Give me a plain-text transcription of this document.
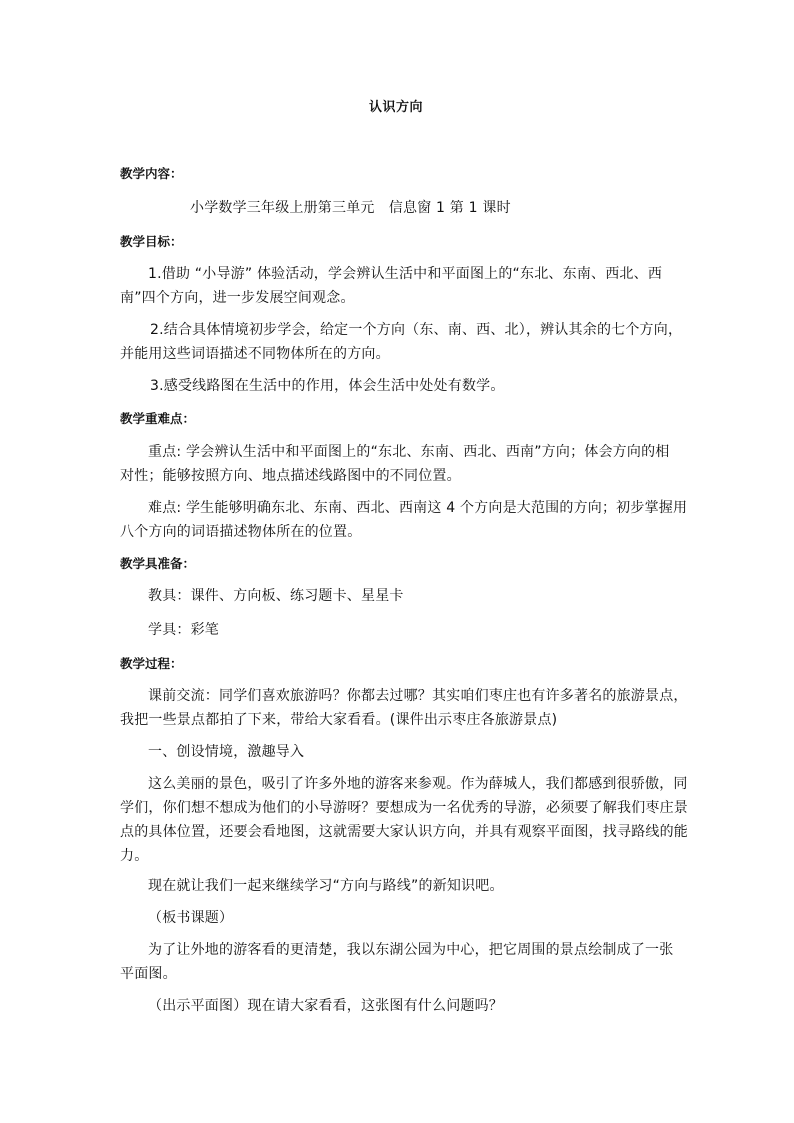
认识方向
教学内容：
小学数学三年级上册第三单元　信息窗 1 第 1 课时
教学目标：
1.借助 “小导游” 体验活动，学会辨认生活中和平面图上的“东北、东南、西北、西
南”四个方向，进一步发展空间观念。
2.结合具体情境初步学会，给定一个方向（东、南、西、北），辨认其余的七个方向，
并能用这些词语描述不同物体所在的方向。
3.感受线路图在生活中的作用，体会生活中处处有数学。
教学重难点：
重点: 学会辨认生活中和平面图上的“东北、东南、西北、西南”方向；体会方向的相
对性；能够按照方向、地点描述线路图中的不同位置。
难点: 学生能够明确东北、东南、西北、西南这 4 个方向是大范围的方向；初步掌握用
八个方向的词语描述物体所在的位置。
教学具准备：
教具：课件、方向板、练习题卡、星星卡
学具：彩笔
教学过程：
课前交流：同学们喜欢旅游吗？你都去过哪？其实咱们枣庄也有许多著名的旅游景点，
我把一些景点都拍了下来，带给大家看看。(课件出示枣庄各旅游景点)
一、创设情境，激趣导入
这么美丽的景色，吸引了许多外地的游客来参观。作为薛城人，我们都感到很骄傲，同
学们，你们想不想成为他们的小导游呀？要想成为一名优秀的导游，必须要了解我们枣庄景
点的具体位置，还要会看地图，这就需要大家认识方向，并具有观察平面图，找寻路线的能
力。
现在就让我们一起来继续学习“方向与路线”的新知识吧。
（板书课题）
为了让外地的游客看的更清楚，我以东湖公园为中心，把它周围的景点绘制成了一张
平面图。
（出示平面图）现在请大家看看，这张图有什么问题吗？
